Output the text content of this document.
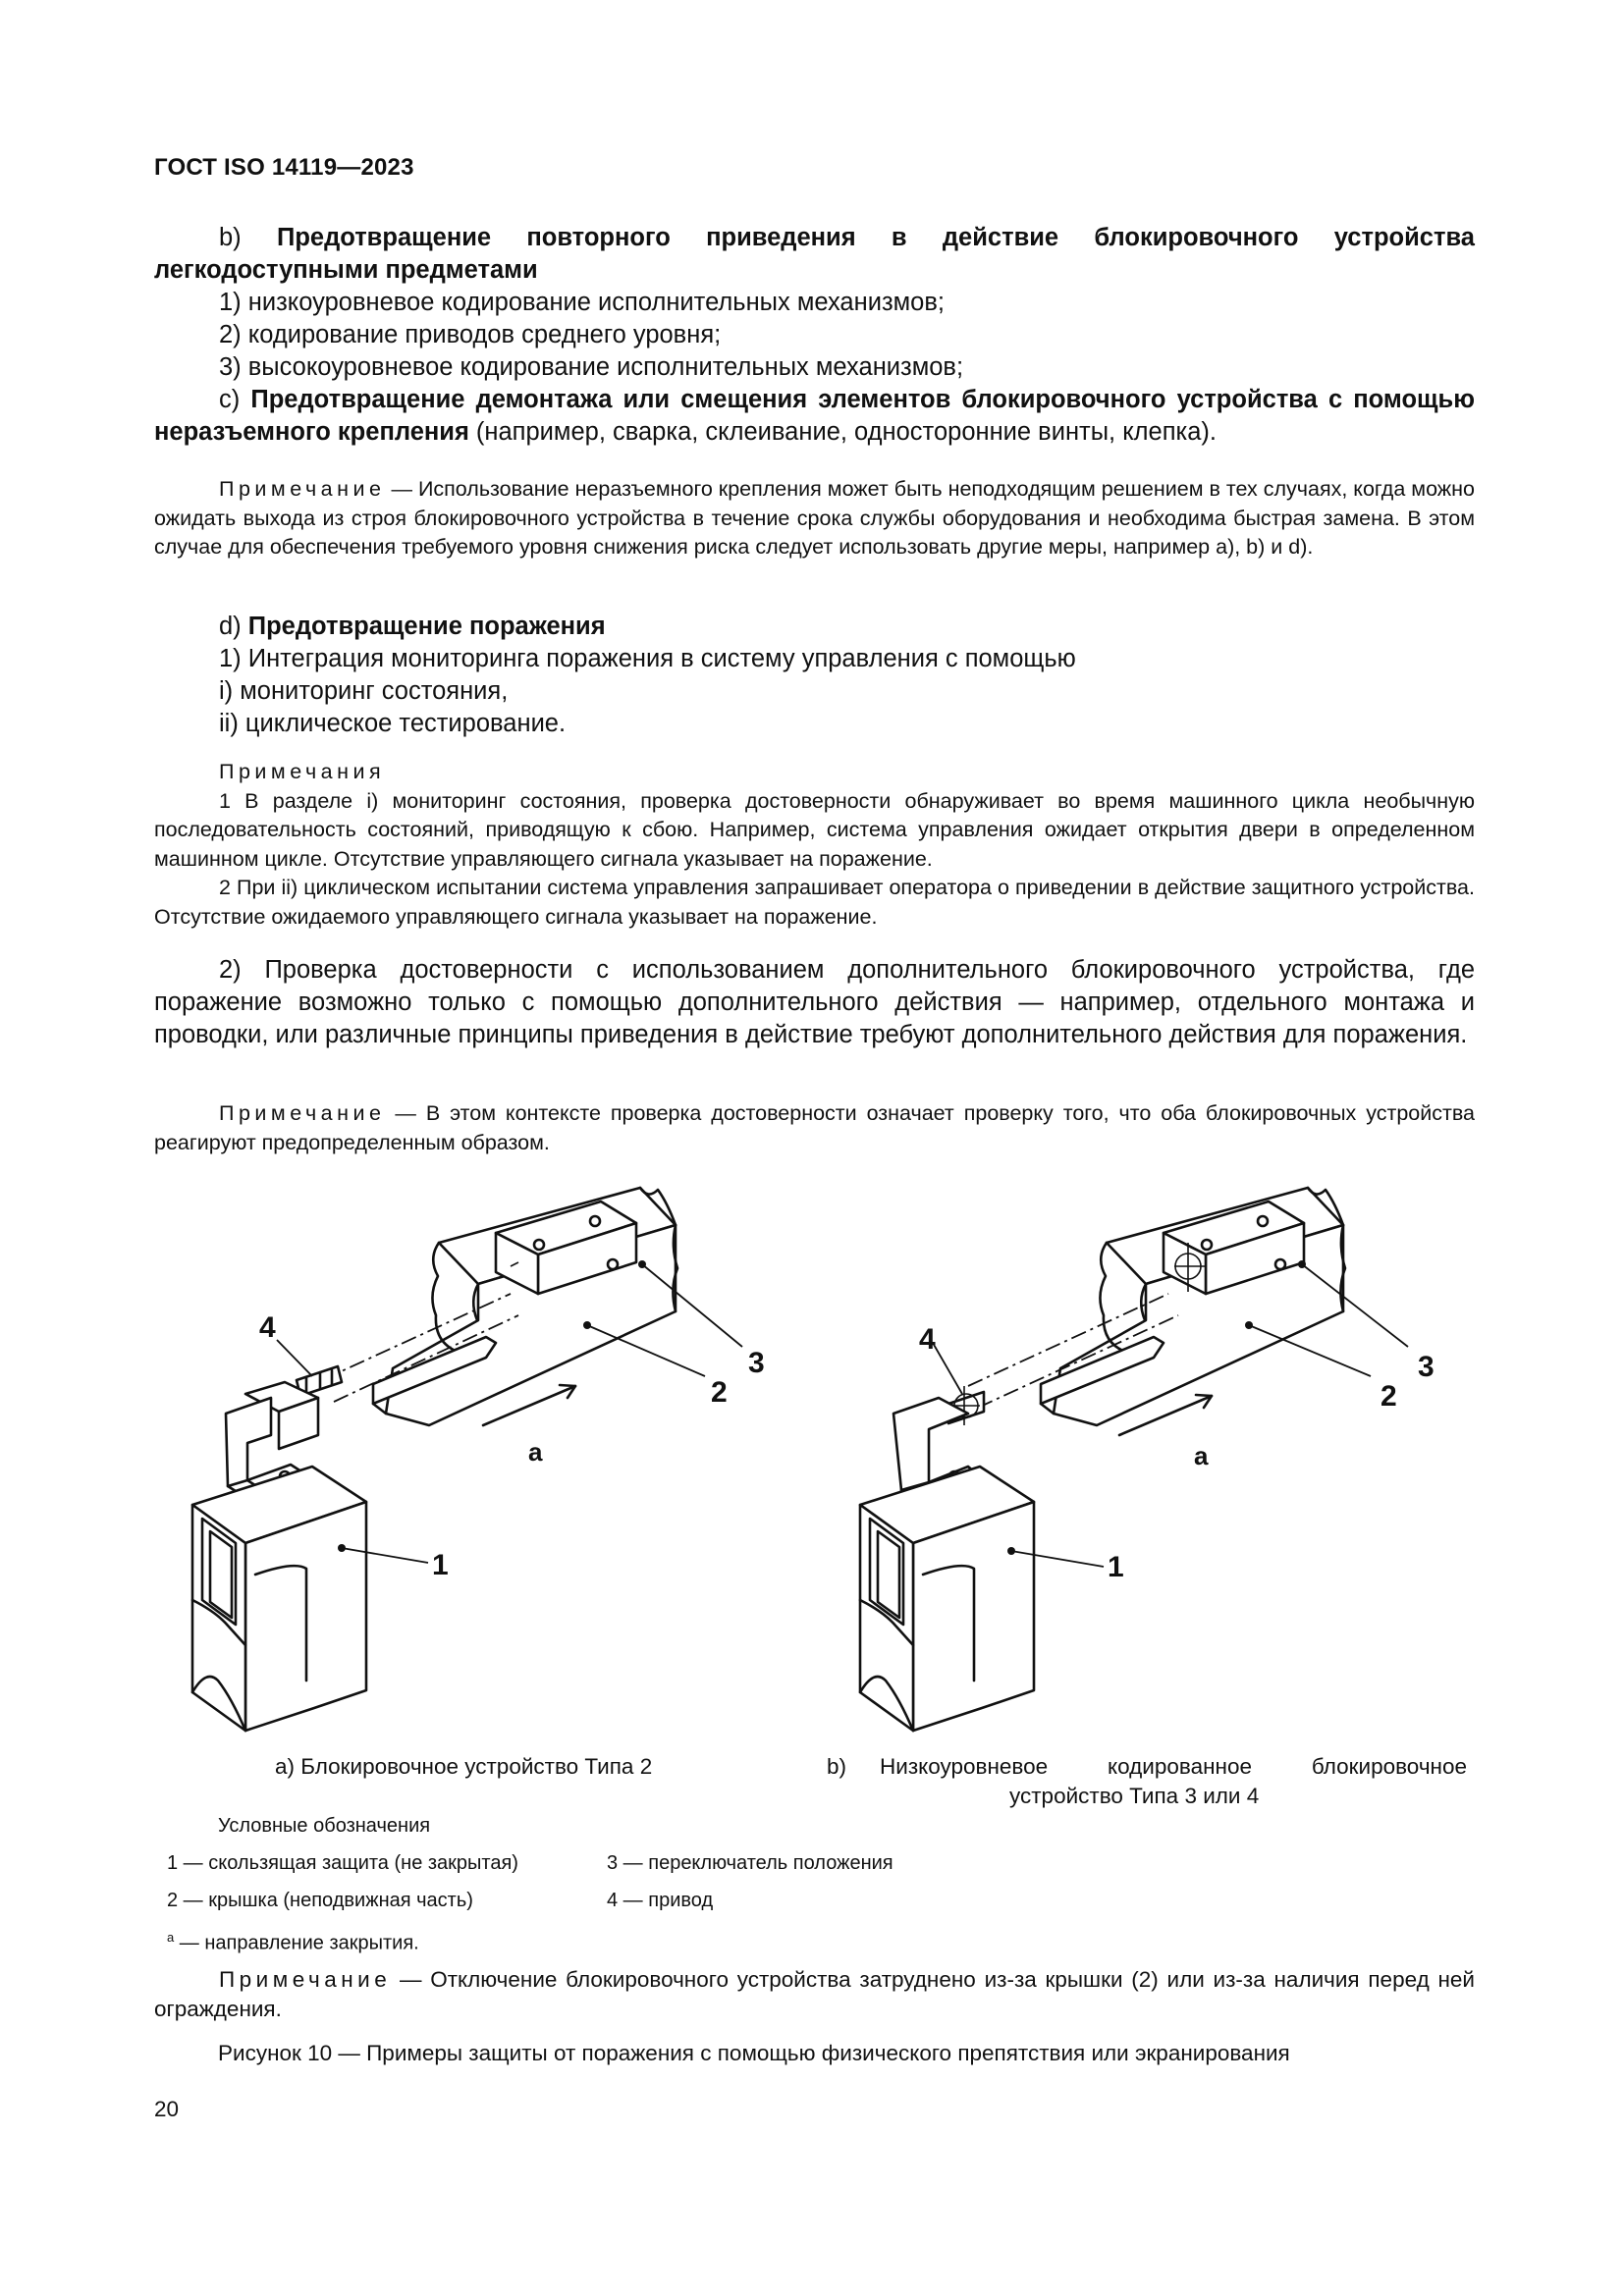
ГОСТ ISO 14119—2023

b) Предотвращение повторного приведения в действие блокировочного устройства легкодоступными предметами

1) низкоуровневое кодирование исполнительных механизмов;

2) кодирование приводов среднего уровня;

3) высокоуровневое кодирование исполнительных механизмов;

с) Предотвращение демонтажа или смещения элементов блокировочного устройства с помощью неразъемного крепления (например, сварка, склеивание, односторонние винты, клепка).

Примечание — Использование неразъемного крепления может быть неподходящим решением в тех случаях, когда можно ожидать выхода из строя блокировочного устройства в течение срока службы оборудования и необходима быстрая замена. В этом случае для обеспечения требуемого уровня снижения риска следует использовать другие меры, например а), b) и d).

d) Предотвращение поражения

1) Интеграция мониторинга поражения в систему управления с помощью

i) мониторинг состояния,

ii) циклическое тестирование.

Примечания

1 В разделе i) мониторинг состояния, проверка достоверности обнаруживает во время машинного цикла необычную последовательность состояний, приводящую к сбою. Например, система управления ожидает открытия двери в определенном машинном цикле. Отсутствие управляющего сигнала указывает на поражение.

2 При ii) циклическом испытании система управления запрашивает оператора о приведении в действие защитного устройства. Отсутствие ожидаемого управляющего сигнала указывает на поражение.

2) Проверка достоверности с использованием дополнительного блокировочного устройства, где поражение возможно только с помощью дополнительного действия — например, отдельного монтажа и проводки, или различные принципы приведения в действие требуют дополнительного действия для поражения.

Примечание — В этом контексте проверка достоверности означает проверку того, что оба блокировочных устройства реагируют предопределенным образом.

4
2
3
1
a
4
2
3
1
a
а) Блокировочное устройство Типа 2	b) Низкоуровневое кодированное блокировочное
устройство Типа 3 или 4
Условные обозначения
1 — скользящая защита (не закрытая)	3 — переключатель положения
2 — крышка (неподвижная часть)	4 — привод
$^a$ — направление закрытия.

Примечание — Отключение блокировочного устройства затруднено из-за крышки (2) или из-за наличия перед ней ограждения.

Рисунок 10 — Примеры защиты от поражения с помощью физического препятствия или экранирования
20
